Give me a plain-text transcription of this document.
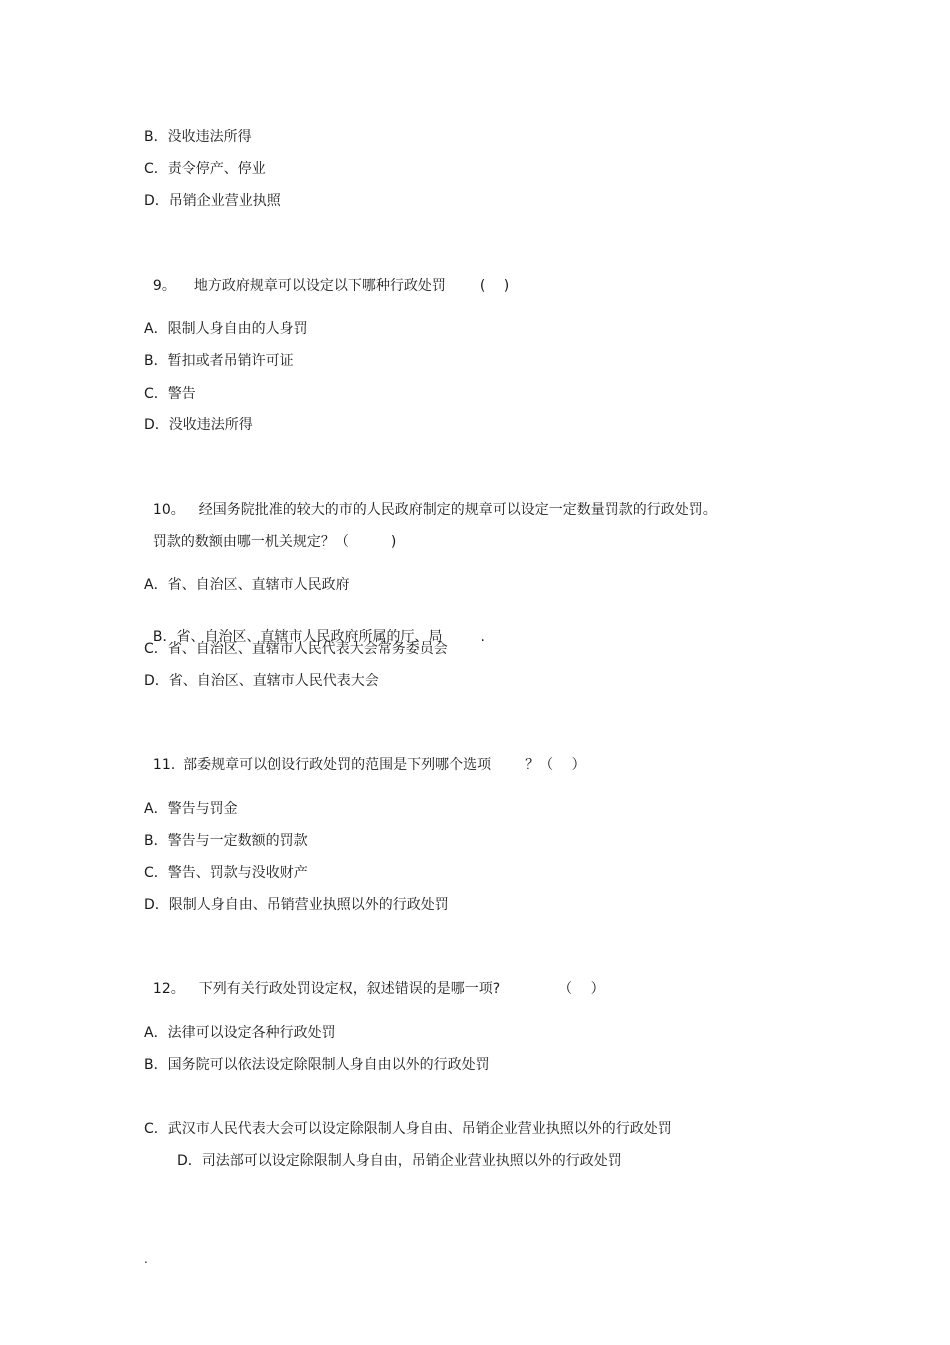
B．没收违法所得
C．责令停产、停业
D．吊销企业营业执照

9。 地方政府规章可以设定以下哪种行政处罚 (　 )

A．限制人身自由的人身罚
B．暂扣或者吊销许可证
C．警告
D．没收违法所得

10。 经国务院批准的较大的市的人民政府制定的规章可以设定一定数量罚款的行政处罚。

罚款的数额由哪一机关规定？（	)

A．省、自治区、直辖市人民政府

B．省、自治区、直辖市人民政府所属的厅、局	.

C．省、自治区、直辖市人民代表大会常务委员会
D．省、自治区、直辖市人民代表大会

11. 部委规章可以创设行政处罚的范围是下列哪个选项 ？（　 ）

A．警告与罚金
B．警告与一定数额的罚款
C．警告、罚款与没收财产
D．限制人身自由、吊销营业执照以外的行政处罚

12。 下列有关行政处罚设定权，叙述错误的是哪一项?	（　 ）

A．法律可以设定各种行政处罚
B．国务院可以依法设定除限制人身自由以外的行政处罚
C．武汉市人民代表大会可以设定除限制人身自由、吊销企业营业执照以外的行政处罚
D．司法部可以设定除限制人身自由，吊销企业营业执照以外的行政处罚
.
